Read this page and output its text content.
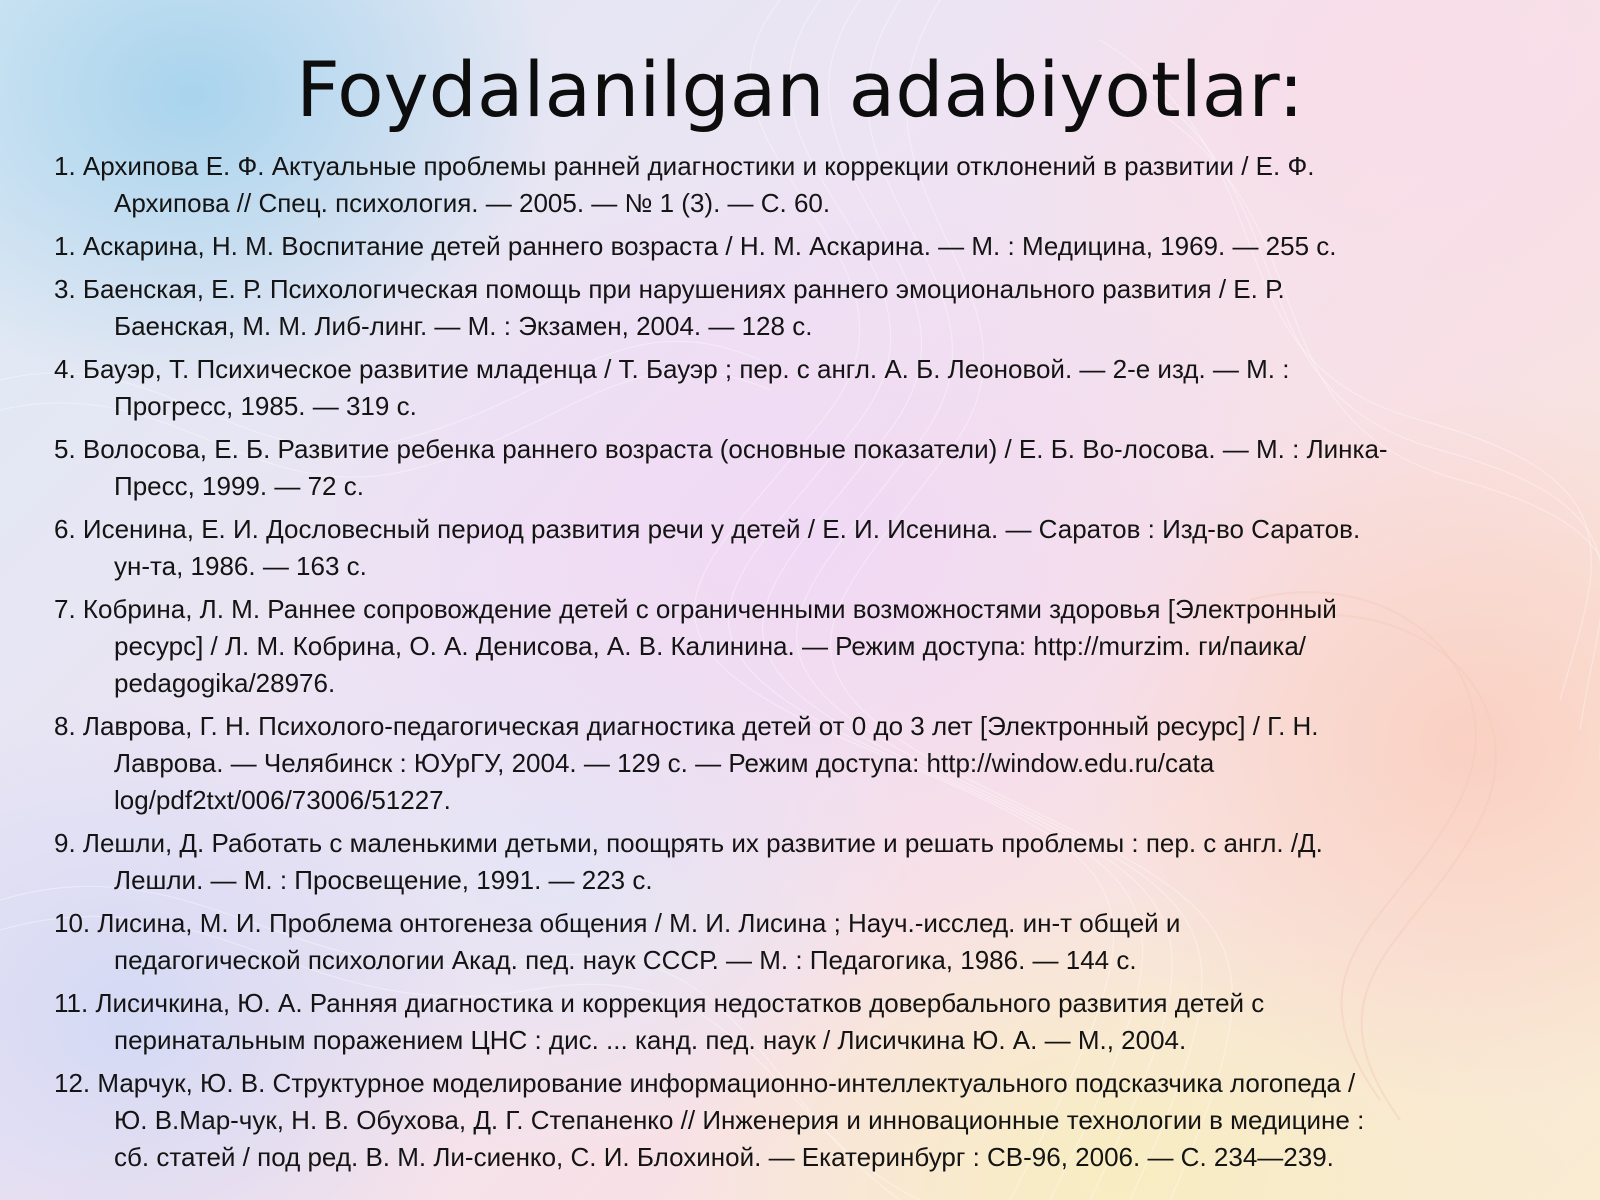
Foydalanilgan adabiyotlar:
1. Архипова Е. Ф. Актуальные проблемы ранней диагностики и коррекции отклонений в развитии / Е. Ф.
Архипова // Спец. психология. — 2005. — № 1 (3). — С. 60.
1. Аскарина, Н. М. Воспитание детей раннего возраста / Н. М. Аскарина. — М. : Медицина, 1969. — 255 с.
3. Баенская, Е. Р. Психологическая помощь при нарушениях раннего эмоционального развития / Е. Р.
Баенская, М. М. Либ-линг. — М. : Экзамен, 2004. — 128 с.
4. Бауэр, Т. Психическое развитие младенца / Т. Бауэр ; пер. с англ. А. Б. Леоновой. — 2-е изд. — М. :
Прогресс, 1985. — 319 с.
5. Волосова, Е. Б. Развитие ребенка раннего возраста (основные показатели) / Е. Б. Во-лосова. — М. : Линка-
Пресс, 1999. — 72 с.
6. Исенина, Е. И. Дословесный период развития речи у детей / Е. И. Исенина. — Саратов : Изд-во Саратов.
ун-та, 1986. — 163 с.
7. Кобрина, Л. М. Раннее сопровождение детей с ограниченными возможностями здоровья [Электронный
ресурс] / Л. М. Кобрина, О. А. Денисова, А. В. Калинина. — Режим доступа: http://murzim. ги/паика/
pedagogika/28976.
8. Лаврова, Г. Н. Психолого-педагогическая диагностика детей от 0 до 3 лет [Электронный ресурс] / Г. Н.
Лаврова. — Челябинск : ЮУрГУ, 2004. — 129 с. — Режим доступа: http://window.edu.ru/cata
log/pdf2txt/006/73006/51227.
9. Лешли, Д. Работать с маленькими детьми, поощрять их развитие и решать проблемы : пер. с англ. /Д.
Лешли. — М. : Просвещение, 1991. — 223 с.
10. Лисина, М. И. Проблема онтогенеза общения / М. И. Лисина ; Науч.-исслед. ин-т общей и
педагогической психологии Акад. пед. наук СССР. — М. : Педагогика, 1986. — 144 с.
11. Лисичкина, Ю. А. Ранняя диагностика и коррекция недостатков довербального развития детей с
перинатальным поражением ЦНС : дис. ... канд. пед. наук / Лисичкина Ю. А. — М., 2004.
12. Марчук, Ю. В. Структурное моделирование информационно-интеллектуального подсказчика логопеда /
Ю. В.Мар-чук, Н. В. Обухова, Д. Г. Степаненко // Инженерия и инновационные технологии в медицине :
сб. статей / под ред. В. М. Ли-сиенко, С. И. Блохиной. — Екатеринбург : СВ-96, 2006. — С. 234—239.
